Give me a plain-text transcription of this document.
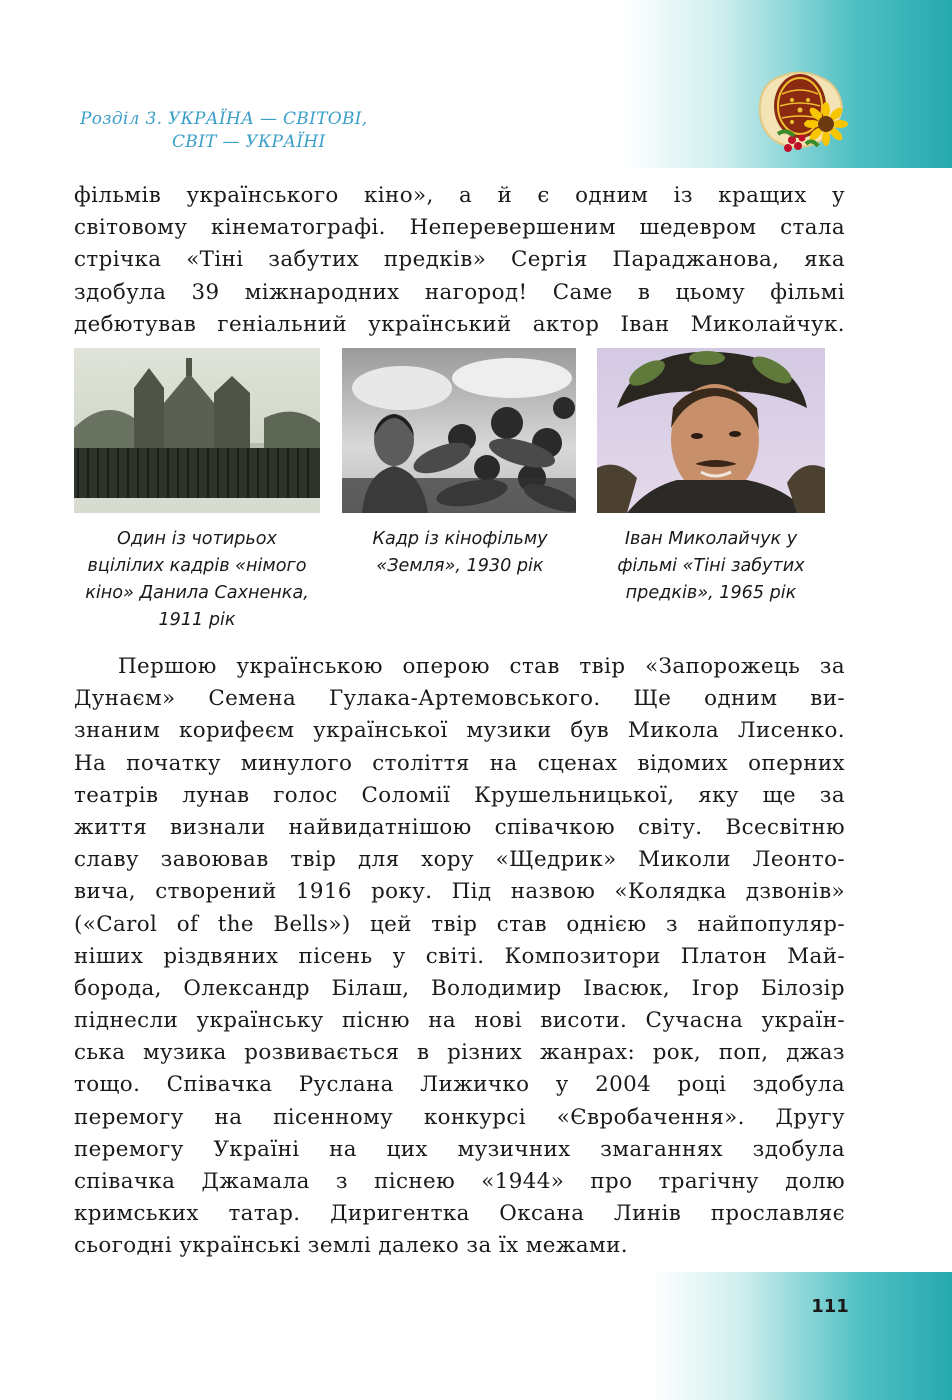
Розділ 3. УКРАЇНА — СВІТОВІ,
СВІТ — УКРАЇНІ
фільмів українського кіно», а й є одним із кращих у
світовому кінематографі. Неперевершеним шедевром стала
стрічка «Тіні забутих предків» Сергія Параджанова, яка
здобула 39 міжнародних нагород! Саме в цьому фільмі
дебютував геніальний український актор Іван Миколайчук.
Один із чотирьох
вцілілих кадрів «німого
кіно» Данила Сахненка,
1911 рік
Кадр із кінофільму
«Земля», 1930 рік
Іван Миколайчук у
фільмі «Тіні забутих
предків», 1965 рік
Першою українською оперою став твір «Запорожець за
Дунаєм» Семена Гулака-Артемовського. Ще одним ви-
знаним корифеєм української музики був Микола Лисенко.
На початку минулого століття на сценах відомих оперних
театрів лунав голос Соломії Крушельницької, яку ще за
життя визнали найвидатнішою співачкою світу. Всесвітню
славу завоював твір для хору «Щедрик» Миколи Леонто-
вича, створений 1916 року. Під назвою «Колядка дзвонів»
(«Carol of the Bells») цей твір став однією з найпопуляр-
ніших різдвяних пісень у світі. Композитори Платон Май-
борода, Олександр Білаш, Володимир Івасюк, Ігор Білозір
піднесли українську пісню на нові висоти. Сучасна україн-
ська музика розвивається в різних жанрах: рок, поп, джаз
тощо. Співачка Руслана Лижичко у 2004 році здобула
перемогу на пісенному конкурсі «Євробачення». Другу
перемогу Україні на цих музичних змаганнях здобула
співачка Джамала з піснею «1944» про трагічну долю
кримських татар. Диригентка Оксана Линів прославляє
сьогодні українські землі далеко за їх межами.
111
